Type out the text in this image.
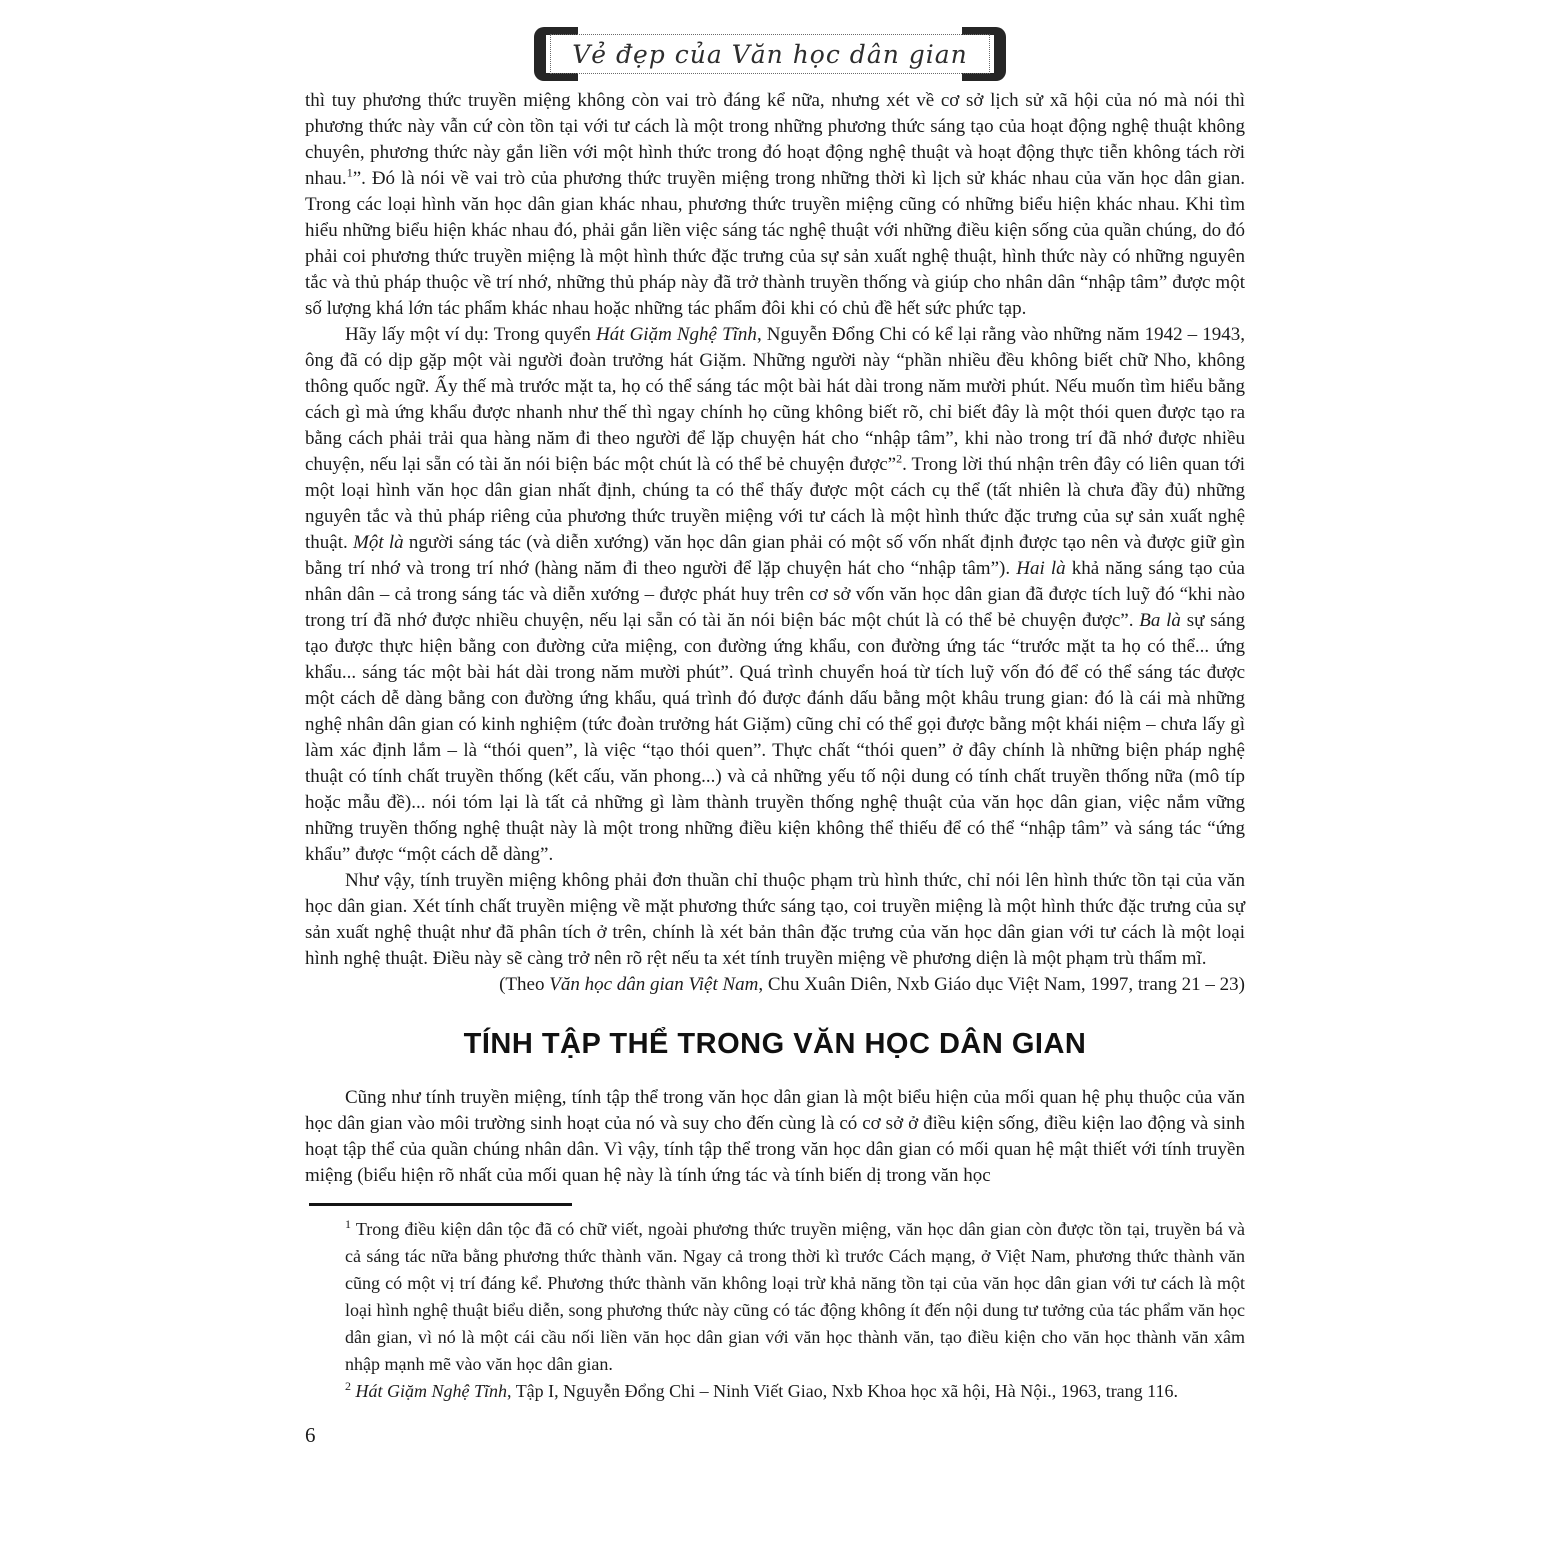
Vẻ đẹp của Văn học dân gian

thì tuy phương thức truyền miệng không còn vai trò đáng kể nữa, nhưng xét về cơ sở lịch sử xã hội của nó mà nói thì phương thức này vẫn cứ còn tồn tại với tư cách là một trong những phương thức sáng tạo của hoạt động nghệ thuật không chuyên, phương thức này gắn liền với một hình thức trong đó hoạt động nghệ thuật và hoạt động thực tiễn không tách rời nhau.$^1$”. Đó là nói về vai trò của phương thức truyền miệng trong những thời kì lịch sử khác nhau của văn học dân gian. Trong các loại hình văn học dân gian khác nhau, phương thức truyền miệng cũng có những biểu hiện khác nhau. Khi tìm hiểu những biểu hiện khác nhau đó, phải gắn liền việc sáng tác nghệ thuật với những điều kiện sống của quần chúng, do đó phải coi phương thức truyền miệng là một hình thức đặc trưng của sự sản xuất nghệ thuật, hình thức này có những nguyên tắc và thủ pháp thuộc về trí nhớ, những thủ pháp này đã trở thành truyền thống và giúp cho nhân dân “nhập tâm” được một số lượng khá lớn tác phẩm khác nhau hoặc những tác phẩm đôi khi có chủ đề hết sức phức tạp.

Hãy lấy một ví dụ: Trong quyển Hát Giặm Nghệ Tĩnh, Nguyễn Đổng Chi có kể lại rằng vào những năm 1942 – 1943, ông đã có dịp gặp một vài người đoàn trưởng hát Giặm. Những người này “phần nhiều đều không biết chữ Nho, không thông quốc ngữ. Ấy thế mà trước mặt ta, họ có thể sáng tác một bài hát dài trong năm mười phút. Nếu muốn tìm hiểu bằng cách gì mà ứng khẩu được nhanh như thế thì ngay chính họ cũng không biết rõ, chỉ biết đây là một thói quen được tạo ra bằng cách phải trải qua hàng năm đi theo người để lặp chuyện hát cho “nhập tâm”, khi nào trong trí đã nhớ được nhiều chuyện, nếu lại sẵn có tài ăn nói biện bác một chút là có thể bẻ chuyện được”$^2$. Trong lời thú nhận trên đây có liên quan tới một loại hình văn học dân gian nhất định, chúng ta có thể thấy được một cách cụ thể (tất nhiên là chưa đầy đủ) những nguyên tắc và thủ pháp riêng của phương thức truyền miệng với tư cách là một hình thức đặc trưng của sự sản xuất nghệ thuật. Một là người sáng tác (và diễn xướng) văn học dân gian phải có một số vốn nhất định được tạo nên và được giữ gìn bằng trí nhớ và trong trí nhớ (hàng năm đi theo người để lặp chuyện hát cho “nhập tâm”). Hai là khả năng sáng tạo của nhân dân – cả trong sáng tác và diễn xướng – được phát huy trên cơ sở vốn văn học dân gian đã được tích luỹ đó “khi nào trong trí đã nhớ được nhiều chuyện, nếu lại sẵn có tài ăn nói biện bác một chút là có thể bẻ chuyện được”. Ba là sự sáng tạo được thực hiện bằng con đường cửa miệng, con đường ứng khẩu, con đường ứng tác “trước mặt ta họ có thể... ứng khẩu... sáng tác một bài hát dài trong năm mười phút”. Quá trình chuyển hoá từ tích luỹ vốn đó để có thể sáng tác được một cách dễ dàng bằng con đường ứng khẩu, quá trình đó được đánh dấu bằng một khâu trung gian: đó là cái mà những nghệ nhân dân gian có kinh nghiệm (tức đoàn trưởng hát Giặm) cũng chỉ có thể gọi được bằng một khái niệm – chưa lấy gì làm xác định lắm – là “thói quen”, là việc “tạo thói quen”. Thực chất “thói quen” ở đây chính là những biện pháp nghệ thuật có tính chất truyền thống (kết cấu, văn phong...) và cả những yếu tố nội dung có tính chất truyền thống nữa (mô típ hoặc mẫu đề)... nói tóm lại là tất cả những gì làm thành truyền thống nghệ thuật của văn học dân gian, việc nắm vững những truyền thống nghệ thuật này là một trong những điều kiện không thể thiếu để có thể “nhập tâm” và sáng tác “ứng khẩu” được “một cách dễ dàng”.

Như vậy, tính truyền miệng không phải đơn thuần chỉ thuộc phạm trù hình thức, chỉ nói lên hình thức tồn tại của văn học dân gian. Xét tính chất truyền miệng về mặt phương thức sáng tạo, coi truyền miệng là một hình thức đặc trưng của sự sản xuất nghệ thuật như đã phân tích ở trên, chính là xét bản thân đặc trưng của văn học dân gian với tư cách là một loại hình nghệ thuật. Điều này sẽ càng trở nên rõ rệt nếu ta xét tính truyền miệng về phương diện là một phạm trù thẩm mĩ.

(Theo Văn học dân gian Việt Nam, Chu Xuân Diên, Nxb Giáo dục Việt Nam, 1997, trang 21 – 23)

TÍNH TẬP THỂ TRONG VĂN HỌC DÂN GIAN

Cũng như tính truyền miệng, tính tập thể trong văn học dân gian là một biểu hiện của mối quan hệ phụ thuộc của văn học dân gian vào môi trường sinh hoạt của nó và suy cho đến cùng là có cơ sở ở điều kiện sống, điều kiện lao động và sinh hoạt tập thể của quần chúng nhân dân. Vì vậy, tính tập thể trong văn học dân gian có mối quan hệ mật thiết với tính truyền miệng (biểu hiện rõ nhất của mối quan hệ này là tính ứng tác và tính biến dị trong văn học

$^1$ Trong điều kiện dân tộc đã có chữ viết, ngoài phương thức truyền miệng, văn học dân gian còn được tồn tại, truyền bá và cả sáng tác nữa bằng phương thức thành văn. Ngay cả trong thời kì trước Cách mạng, ở Việt Nam, phương thức thành văn cũng có một vị trí đáng kể. Phương thức thành văn không loại trừ khả năng tồn tại của văn học dân gian với tư cách là một loại hình nghệ thuật biểu diễn, song phương thức này cũng có tác động không ít đến nội dung tư tưởng của tác phẩm văn học dân gian, vì nó là một cái cầu nối liền văn học dân gian với văn học thành văn, tạo điều kiện cho văn học thành văn xâm nhập mạnh mẽ vào văn học dân gian.

$^2$ Hát Giặm Nghệ Tĩnh, Tập I, Nguyễn Đổng Chi – Ninh Viết Giao, Nxb Khoa học xã hội, Hà Nội., 1963, trang 116.

6
